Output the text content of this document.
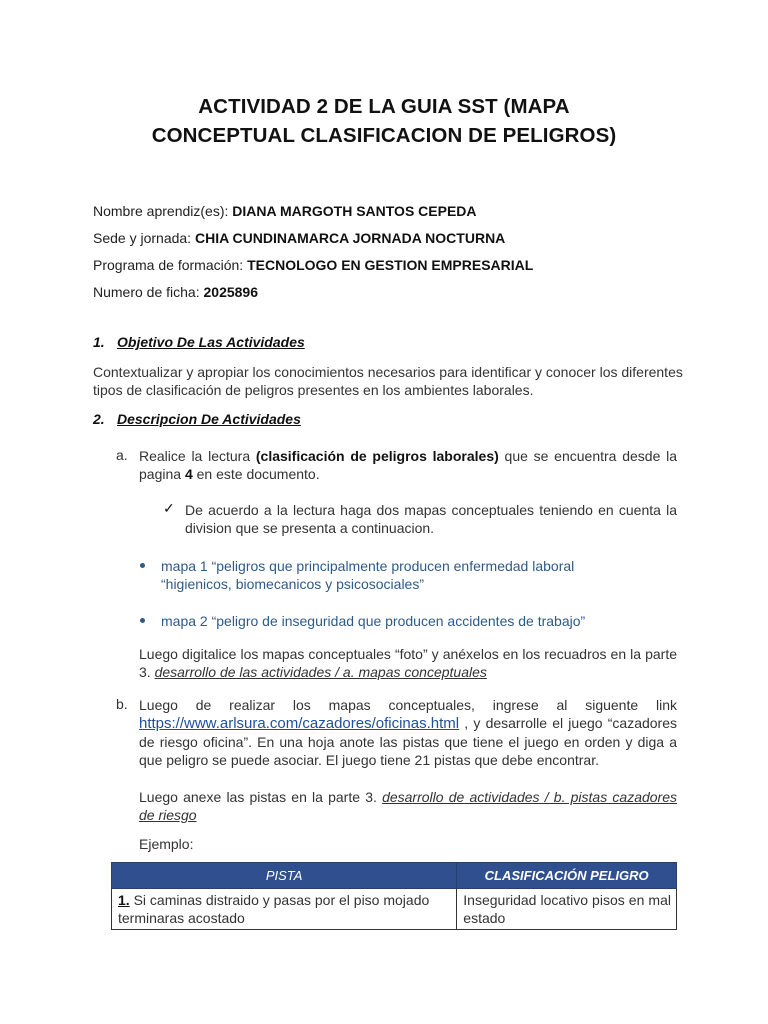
ACTIVIDAD 2 DE LA GUIA SST (MAPA
CONCEPTUAL CLASIFICACION DE PELIGROS)
Nombre aprendiz(es): DIANA MARGOTH SANTOS CEPEDA
Sede y jornada: CHIA CUNDINAMARCA JORNADA NOCTURNA
Programa de formación: TECNOLOGO EN GESTION EMPRESARIAL
Numero de ficha: 2025896
1. Objetivo De Las Actividades
Contextualizar y apropiar los conocimientos necesarios para identificar y conocer los diferentes tipos de clasificación de peligros presentes en los ambientes laborales.
2. Descripcion De Actividades
a. Realice la lectura (clasificación de peligros laborales) que se encuentra desde la pagina 4 en este documento.
✓ De acuerdo a la lectura haga dos mapas conceptuales teniendo en cuenta la division que se presenta a continuacion.
mapa 1 “peligros que principalmente producen enfermedad laboral “higienicos, biomecanicos y psicosociales”
mapa 2 “peligro de inseguridad que producen accidentes de trabajo”
Luego digitalice los mapas conceptuales “foto” y anéxelos en los recuadros en la parte 3. desarrollo de las actividades / a. mapas conceptuales
b. Luego de realizar los mapas conceptuales, ingrese al siguente link https://www.arlsura.com/cazadores/oficinas.html , y desarrolle el juego “cazadores de riesgo oficina”. En una hoja anote las pistas que tiene el juego en orden y diga a que peligro se puede asociar. El juego tiene 21 pistas que debe encontrar.
Luego anexe las pistas en la parte 3. desarrollo de actividades / b. pistas cazadores de riesgo
Ejemplo:
PISTA	CLASIFICACIÓN PELIGRO
1. Si caminas distraido y pasas por el piso mojado terminaras acostado	Inseguridad locativo pisos en mal estado
